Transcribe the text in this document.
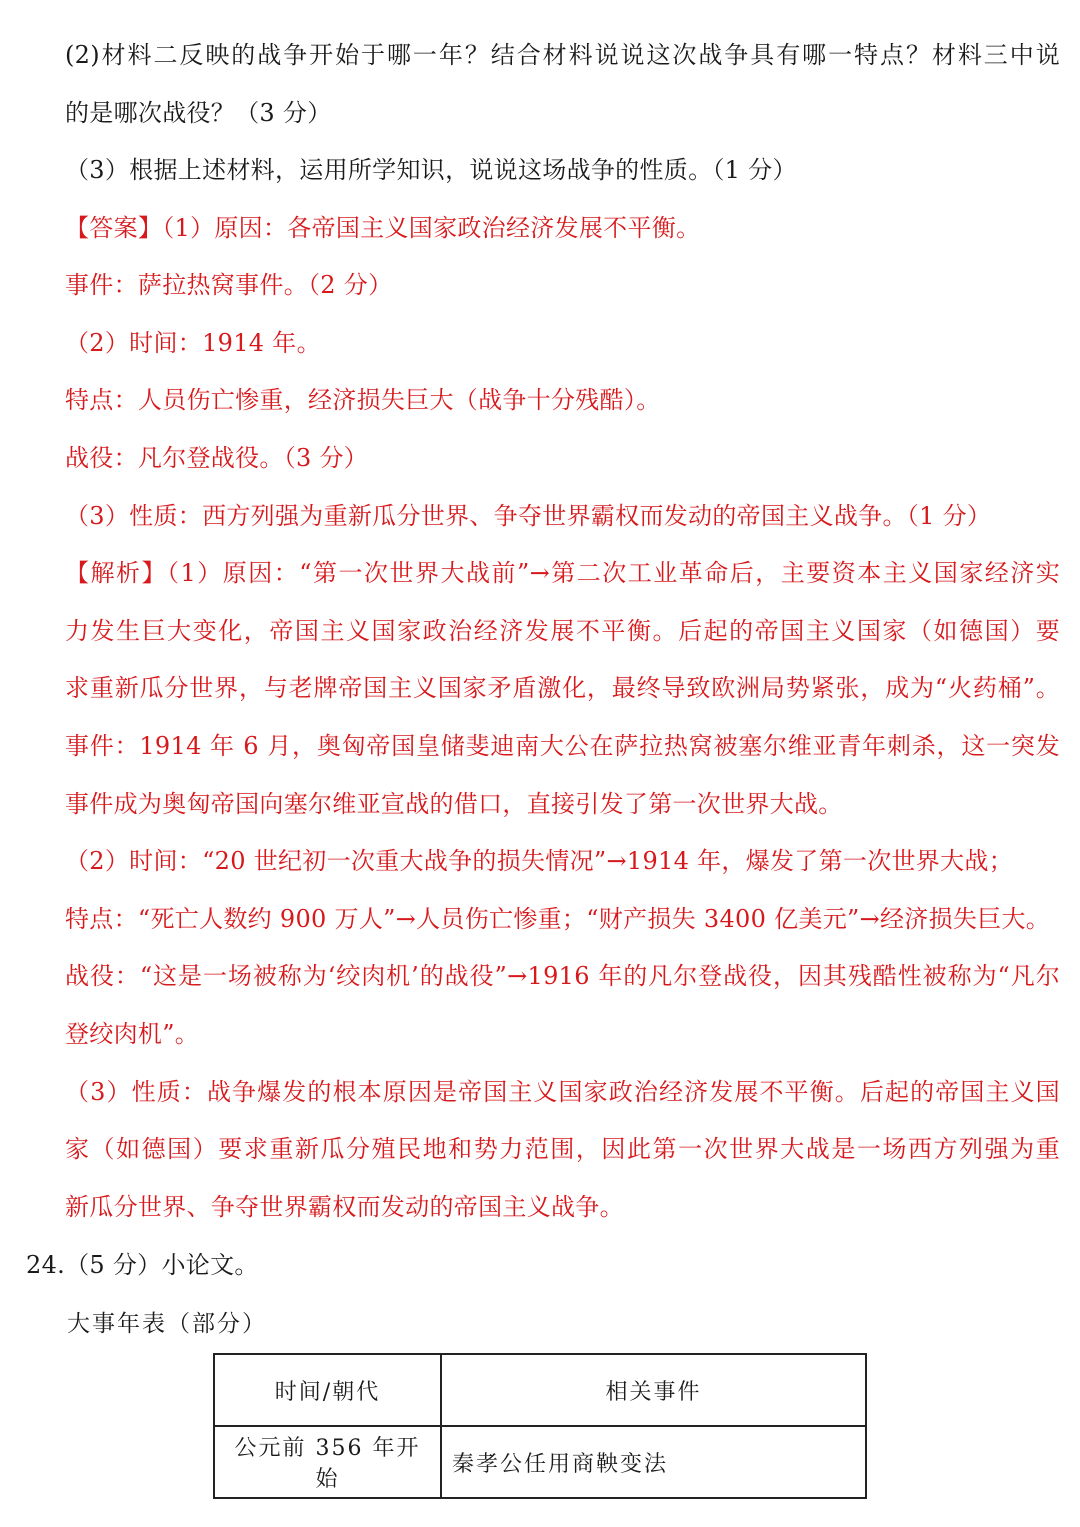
(2)材料二反映的战争开始于哪一年？结合材料说说这次战争具有哪一特点？材料三中说
的是哪次战役？（3 分）
（3）根据上述材料，运用所学知识，说说这场战争的性质。（1 分）
【答案】（1）原因：各帝国主义国家政治经济发展不平衡。
事件：萨拉热窝事件。（2 分）
（2）时间：1914 年。
特点：人员伤亡惨重，经济损失巨大（战争十分残酷）。
战役：凡尔登战役。（3 分）
（3）性质：西方列强为重新瓜分世界、争夺世界霸权而发动的帝国主义战争。（1 分）
【解析】（1）原因：“第一次世界大战前”→第二次工业革命后，主要资本主义国家经济实
力发生巨大变化，帝国主义国家政治经济发展不平衡。后起的帝国主义国家（如德国）要
求重新瓜分世界，与老牌帝国主义国家矛盾激化，最终导致欧洲局势紧张，成为“火药桶”。
事件：1914 年 6 月，奥匈帝国皇储斐迪南大公在萨拉热窝被塞尔维亚青年刺杀，这一突发
事件成为奥匈帝国向塞尔维亚宣战的借口，直接引发了第一次世界大战。
（2）时间：“20 世纪初一次重大战争的损失情况”→1914 年，爆发了第一次世界大战；
特点：“死亡人数约 900 万人”→人员伤亡惨重；“财产损失 3400 亿美元”→经济损失巨大。
战役：“这是一场被称为‘绞肉机’的战役”→1916 年的凡尔登战役，因其残酷性被称为“凡尔
登绞肉机”。
（3）性质：战争爆发的根本原因是帝国主义国家政治经济发展不平衡。后起的帝国主义国
家（如德国）要求重新瓜分殖民地和势力范围，因此第一次世界大战是一场西方列强为重
新瓜分世界、争夺世界霸权而发动的帝国主义战争。
24.（5 分）小论文。
大事年表（部分）
时间/朝代	相关事件
公元前 356 年开始	秦孝公任用商鞅变法
